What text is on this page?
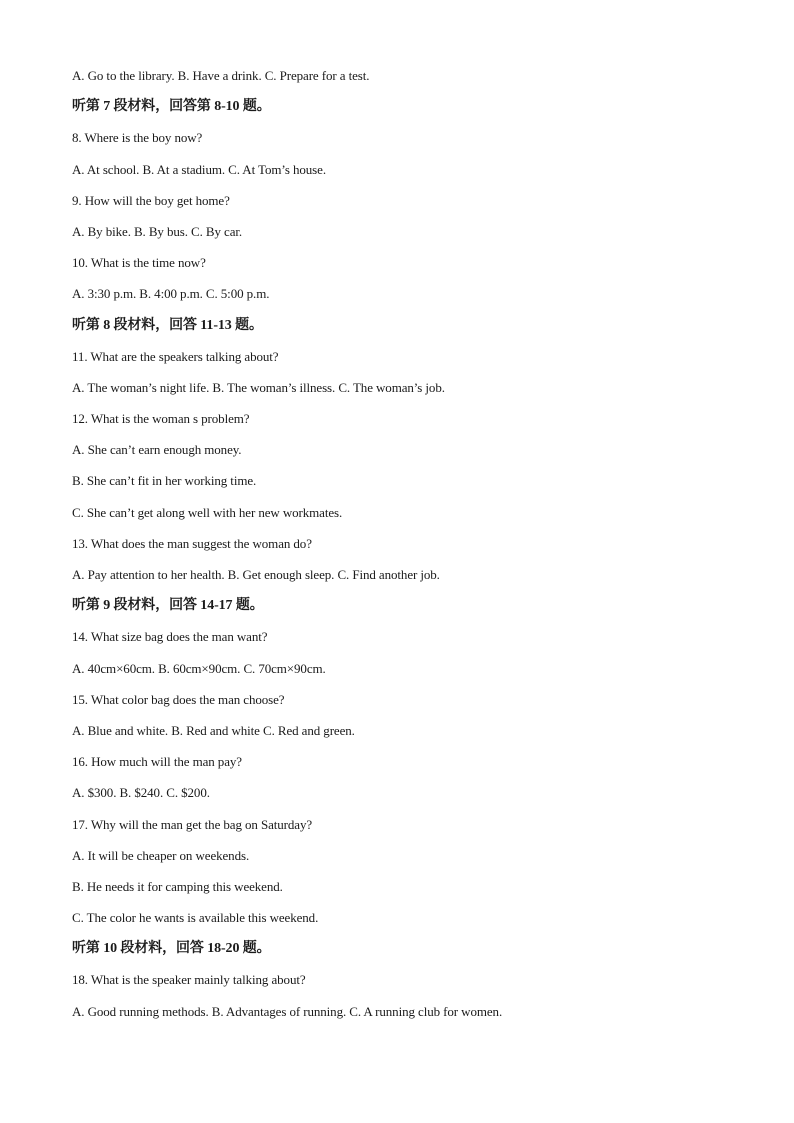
A. Go to the library. B. Have a drink. C. Prepare for a test.
听第 7 段材料，回答第 8-10 题。
8. Where is the boy now?
A. At school. B. At a stadium. C. At Tom’s house.
9. How will the boy get home?
A. By bike. B. By bus. C. By car.
10. What is the time now?
A. 3:30 p.m. B. 4:00 p.m. C. 5:00 p.m.
听第 8 段材料，回答 11-13 题。
11. What are the speakers talking about?
A. The woman’s night life. B. The woman’s illness. C. The woman’s job.
12. What is the woman s problem?
A. She can’t earn enough money.
B. She can’t fit in her working time.
C. She can’t get along well with her new workmates.
13. What does the man suggest the woman do?
A. Pay attention to her health. B. Get enough sleep. C. Find another job.
听第 9 段材料，回答 14-17 题。
14. What size bag does the man want?
A. 40cm×60cm. B. 60cm×90cm. C. 70cm×90cm.
15. What color bag does the man choose?
A. Blue and white. B. Red and white C. Red and green.
16. How much will the man pay?
A. $300. B. $240. C. $200.
17. Why will the man get the bag on Saturday?
A. It will be cheaper on weekends.
B. He needs it for camping this weekend.
C. The color he wants is available this weekend.
听第 10 段材料，回答 18-20 题。
18. What is the speaker mainly talking about?
A. Good running methods. B. Advantages of running. C. A running club for women.
